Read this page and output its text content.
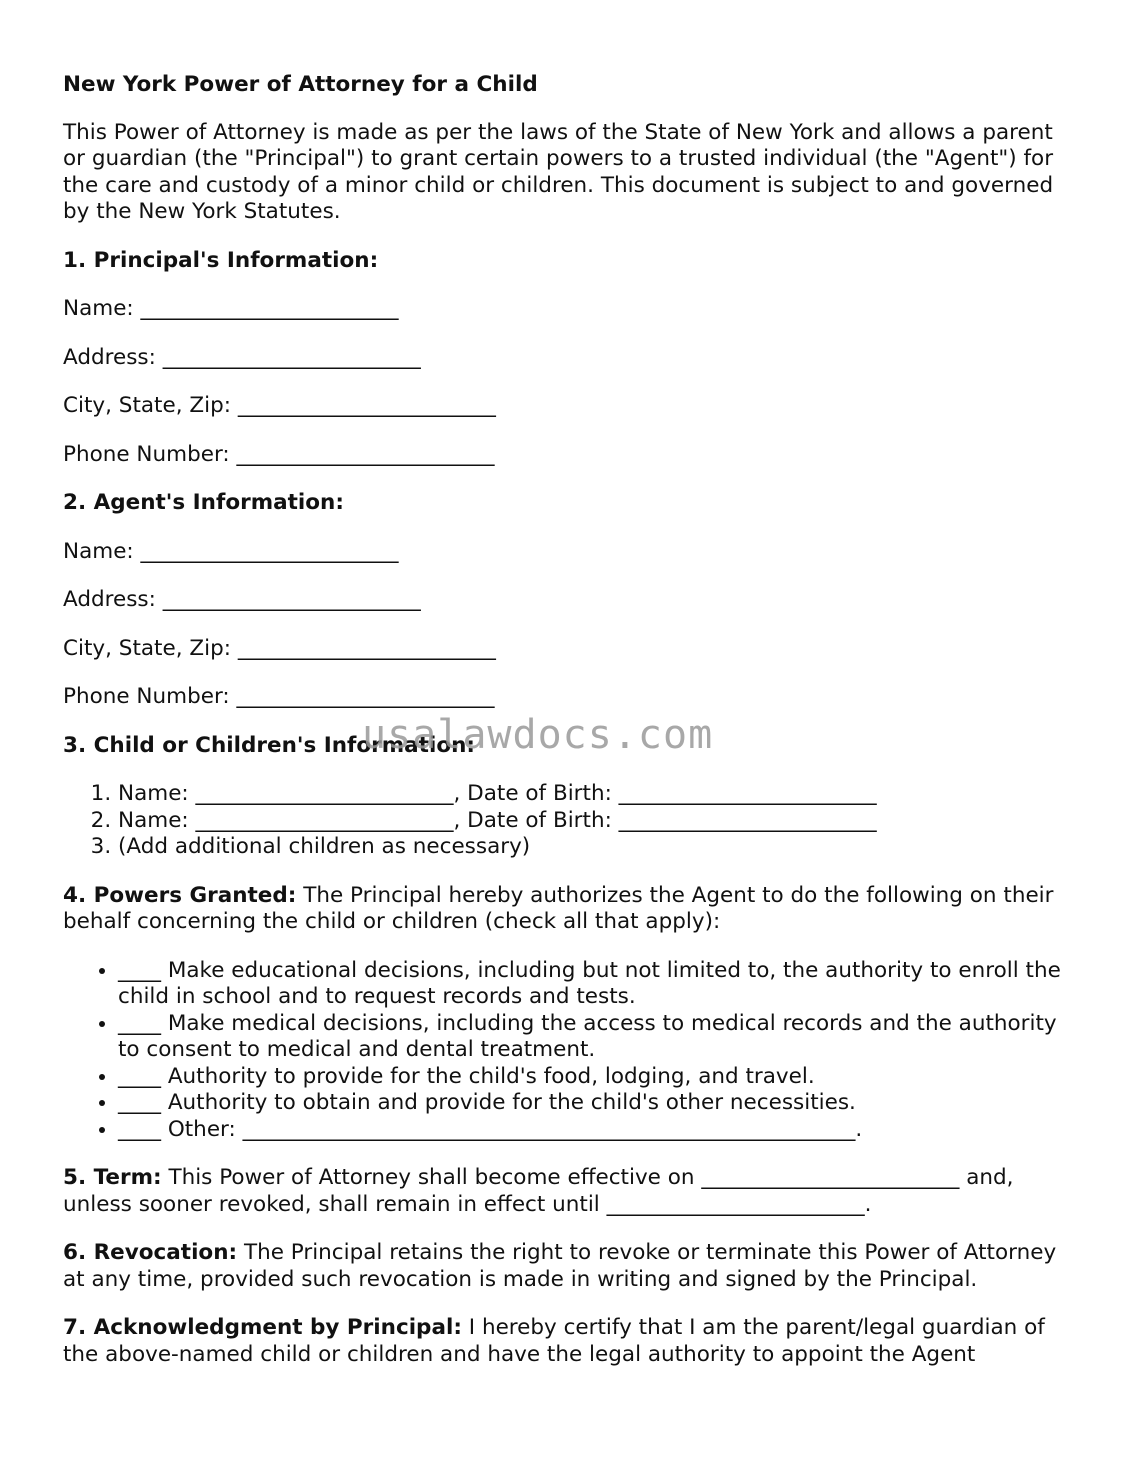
New York Power of Attorney for a Child

This Power of Attorney is made as per the laws of the State of New York and allows a parent or guardian (the "Principal") to grant certain powers to a trusted individual (the "Agent") for the care and custody of a minor child or children. This document is subject to and governed by the New York Statutes.

1. Principal's Information:
Name: ________________________
Address: ________________________
City, State, Zip: ________________________
Phone Number: ________________________
2. Agent's Information:
Name: ________________________
Address: ________________________
City, State, Zip: ________________________
Phone Number: ________________________
3. Child or Children's Information:
1. Name: ________________________, Date of Birth: ________________________
2. Name: ________________________, Date of Birth: ________________________
3. (Add additional children as necessary)

4. Powers Granted: The Principal hereby authorizes the Agent to do the following on their behalf concerning the child or children (check all that apply):

• ____ Make educational decisions, including but not limited to, the authority to enroll the child in school and to request records and tests.
• ____ Make medical decisions, including the access to medical records and the authority to consent to medical and dental treatment.
• ____ Authority to provide for the child's food, lodging, and travel.
• ____ Authority to obtain and provide for the child's other necessities.
• ____ Other: _________________________________________________________.

5. Term: This Power of Attorney shall become effective on ________________________ and, unless sooner revoked, shall remain in effect until ________________________.

6. Revocation: The Principal retains the right to revoke or terminate this Power of Attorney at any time, provided such revocation is made in writing and signed by the Principal.

7. Acknowledgment by Principal: I hereby certify that I am the parent/legal guardian of the above-named child or children and have the legal authority to appoint the Agent

usalawdocs.com
